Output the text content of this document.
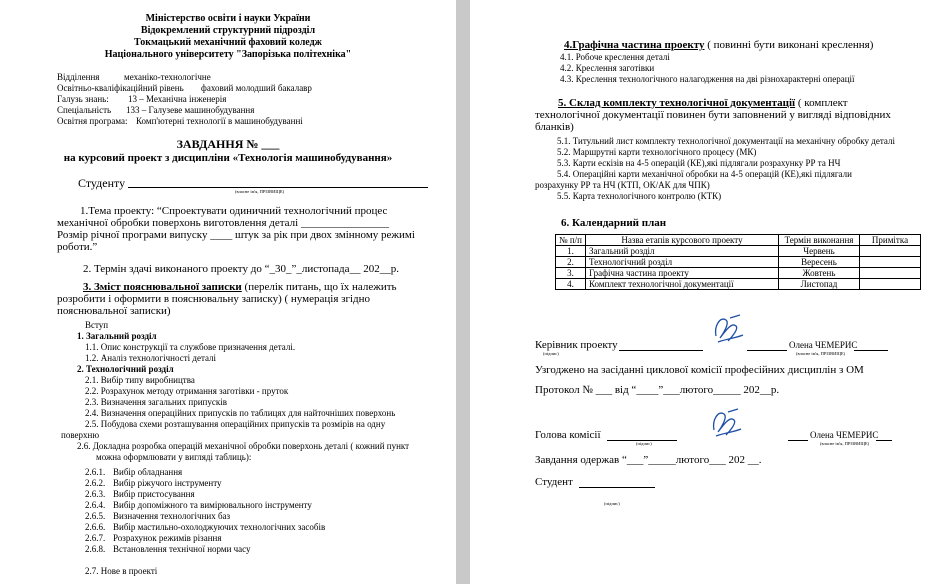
Міністерство освіти і науки України
Відокремлений структурний підрозділ
Токмацький механічний фаховий коледж
Національного університету "Запорізька політехніка"
Відділення	механіко-технологічне
Освітньо-кваліфікаційний рівень фаховий молодший бакалавр
Галузь знань: 13 – Механічна інженерія
Спеціальність 133 – Галузеве машинобудування
Освітня програма: Комп'ютерні технології в машинобудуванні
ЗАВДАННЯ № ___
на курсовий проект з дисципліни «Технологія машинобудування»
Студенту
(власне ім'я, ПРІЗВИЩЕ)
1.Тема проекту: “Спроектувати одиничний технологічний процес
механічної обробки поверхонь виготовлення деталі ________________
Розмір річної програми випуску ____ штук за рік при двох змінному режимі
роботи.”
2. Термін здачі виконаного проекту до “_30_”_листопада__ 202__р.
3. Зміст пояснювальної записки (перелік питань, що їх належить
розробити і оформити в пояснювальну записку) ( нумерація згідно
пояснювальної записки)
Вступ
1. Загальний розділ
1.1. Опис конструкції та службове призначення деталі.
1.2. Аналіз технологічності деталі
2. Технологічний розділ
2.1. Вибір типу виробництва
2.2. Розрахунок методу отримання заготівки - пруток
2.3. Визначення загальних припусків
2.4. Визначення операційних припусків по таблицях для найточніших поверхонь
2.5. Побудова схеми розташування операційних припусків та розмірів на одну
поверхню
2.6. Докладна розробка операцій механічної обробки поверхонь деталі ( кожний пункт
можна оформлювати у вигляді таблиць):
2.6.1. Вибір обладнання
2.6.2. Вибір ріжучого інструменту
2.6.3. Вибір пристосування
2.6.4. Вибір допоміжного та вимірювального інструменту
2.6.5. Визначення технологічних баз
2.6.6. Вибір мастильно-охолоджуючих технологічних засобів
2.6.7. Розрахунок режимів різання
2.6.8. Встановлення технічної норми часу
2.7. Нове в проекті
4.Графічна частина проекту ( повинні бути виконані креслення)
4.1. Робоче креслення деталі
4.2. Креслення заготівки
4.3. Креслення технологічного налагодження на дві різнохарактерні операції
5. Склад комплекту технологічної документації ( комплект
технологічної документації повинен бути заповнений у вигляді відповідних
бланків)
5.1. Титульний лист комплекту технологічної документації на механічну обробку деталі
5.2. Маршрутні карти технологічного процесу (МК)
5.3. Карти ескізів на 4-5 операцій (КЕ),які підлягали розрахунку РР та НЧ
5.4. Операційні карти механічної обробки на 4-5 операцій (КЕ),які підлягали
розрахунку РР та НЧ (КТП, ОК/АК для ЧПК)
5.5. Карта технологічного контролю (КТК)
6. Календарний план
№ п/п	Назва етапів курсового проекту	Термін виконання	Примітка
1.	Загальний розділ	Червень	
2.	Технологічний розділ	Вересень	
3.	Графічна частина проекту	Жовтень	
4.	Комплект технологічної документації	Листопад	
Керівник проекту	Олена ЧЕМЕРИС
(підпис)	(власне ім'я, ПРІЗВИЩЕ)
Узгоджено на засіданні циклової комісії професійних дисциплін з ОМ
Протокол № ___ від “____”___лютого_____ 202__р.
Голова комісії	Олена ЧЕМЕРИС
(підпис)	(власне ім'я, ПРІЗВИЩЕ)
Завдання одержав “___”_____лютого___ 202 __.
Студент
(підпис)
